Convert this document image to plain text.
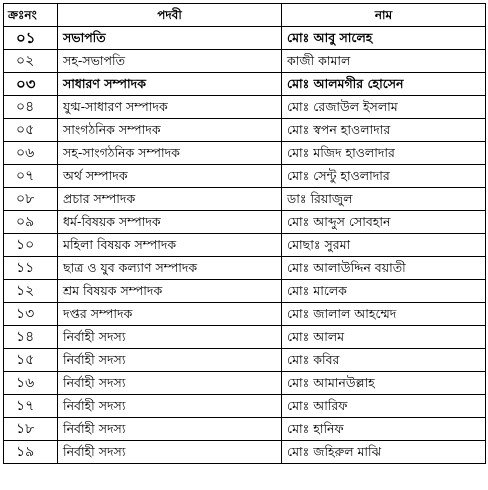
ক্রঃনং	পদবী	নাম
০১	সভাপতি	মোঃ আবু সালেহ
০২	সহ-সভাপতি	কাজী কামাল
০৩	সাধারণ সম্পাদক	মোঃ আলমগীর হোসেন
০৪	যুগ্ম-সাধারণ সম্পাদক	মোঃ রেজাউল ইসলাম
০৫	সাংগঠনিক সম্পাদক	মোঃ স্বপন হাওলাদার
০৬	সহ-সাংগঠনিক সম্পাদক	মোঃ মজিদ হাওলাদার
০৭	অর্থ সম্পাদক	মোঃ সেন্টু হাওলাদার
০৮	প্রচার সম্পাদক	ডাঃ রিয়াজুল
০৯	ধর্ম-বিষয়ক সম্পাদক	মোঃ আব্দুস সোবহান
১০	মহিলা বিষয়ক সম্পাদক	মোছাঃ সুরমা
১১	ছাত্র ও যুব কল্যাণ সম্পাদক	মোঃ আলাউদ্দিন বয়াতী
১২	শ্রম বিষয়ক সম্পাদক	মোঃ মালেক
১৩	দপ্তর সম্পাদক	মোঃ জালাল আহম্মেদ
১৪	নির্বাহী সদস্য	মোঃ আলম
১৫	নির্বাহী সদস্য	মোঃ কবির
১৬	নির্বাহী সদস্য	মোঃ আমানউল্লাহ
১৭	নির্বাহী সদস্য	মোঃ আরিফ
১৮	নির্বাহী সদস্য	মোঃ হানিফ
১৯	নির্বাহী সদস্য	মোঃ জহিরুল মাঝি
